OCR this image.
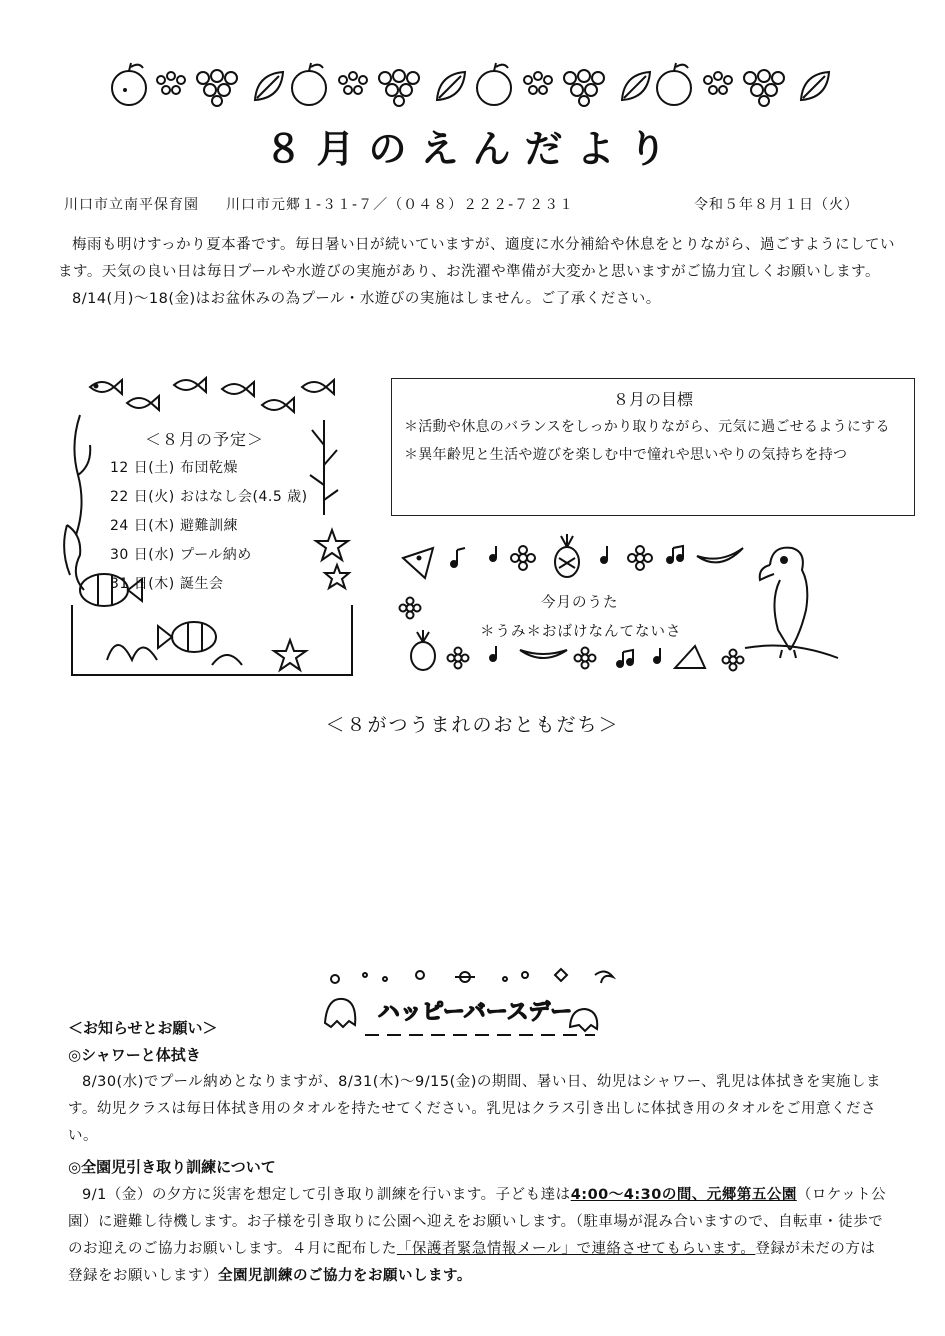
８月のえんだより
川口市立南平保育園 川口市元郷１-３１-７／（０４８）２２２-７２３１	令和５年８月１日（火）

梅雨も明けすっかり夏本番です。毎日暑い日が続いていますが、適度に水分補給や休息をとりながら、過ごすようにしています。天気の良い日は毎日プールや水遊びの実施があり、お洗濯や準備が大変かと思いますがご協力宜しくお願いします。

8/14(月)～18(金)はお盆休みの為プール・水遊びの実施はしません。ご了承ください。

＜８月の予定＞
12 日(土) 布団乾燥
22 日(火) おはなし会(4.5 歳)
24 日(木) 避難訓練
30 日(水) プール納め
31 日(木) 誕生会
８月の目標

＊活動や休息のバランスをしっかり取りながら、元気に過ごせるようにする

＊異年齢児と生活や遊びを楽しむ中で憧れや思いやりの気持ちを持つ

今月のうた
＊うみ＊おばけなんてないさ
＜８がつうまれのおともだち＞
ハッピーバースデー
＜お知らせとお願い＞
◎シャワーと体拭き

8/30(水)でプール納めとなりますが、8/31(木)～9/15(金)の期間、暑い日、幼児はシャワー、乳児は体拭きを実施します。幼児クラスは毎日体拭き用のタオルを持たせてください。乳児はクラス引き出しに体拭き用のタオルをご用意ください。

◎全園児引き取り訓練について

9/1（金）の夕方に災害を想定して引き取り訓練を行います。子ども達は4:00～4:30の間、元郷第五公園（ロケット公園）に避難し待機します。お子様を引き取りに公園へ迎えをお願いします。（駐車場が混み合いますので、自転車・徒歩でのお迎えのご協力お願いします。４月に配布した「保護者緊急情報メール」で連絡させてもらいます。登録が未だの方は登録をお願いします）全園児訓練のご協力をお願いします。
